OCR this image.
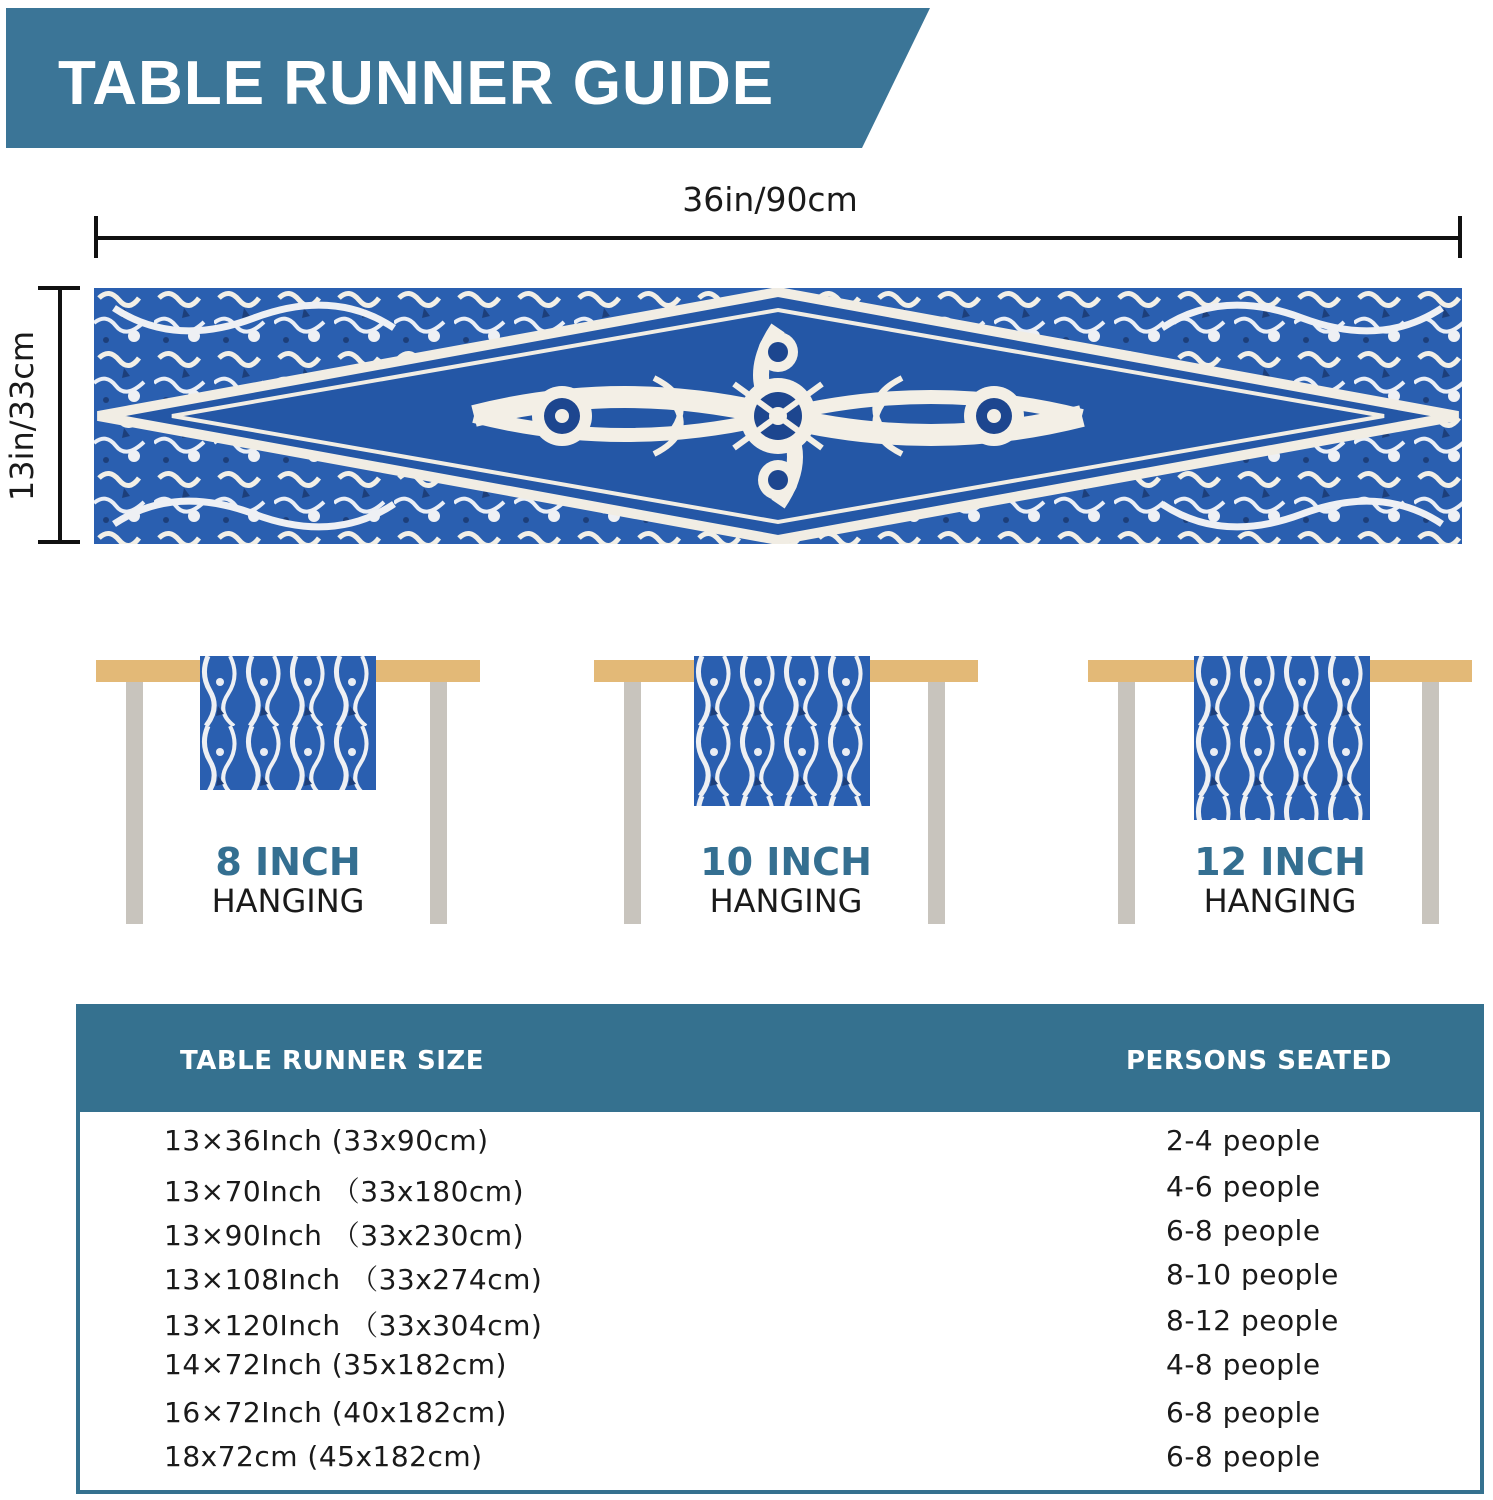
TABLE RUNNER GUIDE
36in/90cm
13in/33cm
8 INCH
HANGING
10 INCH
HANGING
12 INCH
HANGING
TABLE RUNNER SIZE	PERSONS SEATED
13×36Inch (33x90cm)	2-4 people
13×70Inch （33x180cm)	4-6 people
13×90Inch （33x230cm)	6-8 people
13×108Inch （33x274cm)	8-10 people
13×120Inch （33x304cm)	8-12 people
14×72Inch (35x182cm)	4-8 people
16×72Inch (40x182cm)	6-8 people
18x72cm (45x182cm)	6-8 people
